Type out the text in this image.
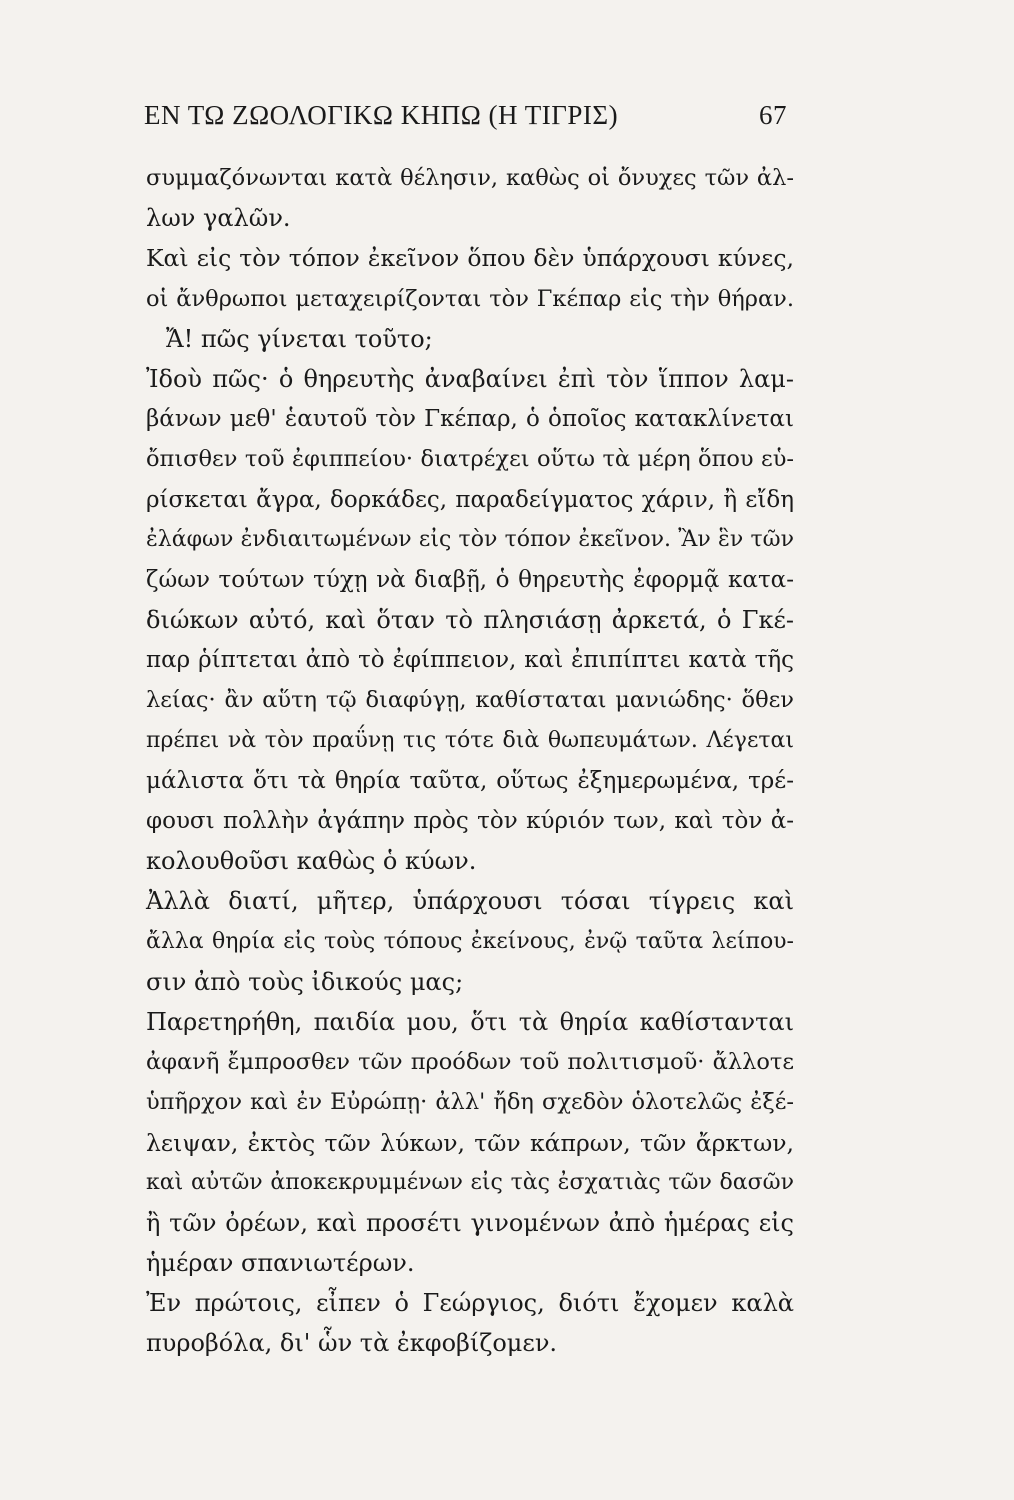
ΕΝ ΤΩ ΖΩΟΛΟΓΙΚΩ ΚΗΠΩ (Η ΤΙΓΡΙΣ)	67
συμμαζόνωνται κατὰ θέλησιν, καθὼς οἱ ὄνυχες τῶν ἀλ-
λων γαλῶν.
Καὶ εἰς τὸν τόπον ἐκεῖνον ὅπου δὲν ὑπάρχουσι κύνες,
οἱ ἄνθρωποι μεταχειρίζονται τὸν Γκέπαρ εἰς τὴν θήραν.
Ἄ! πῶς γίνεται τοῦτο;
Ἰδοὺ πῶς· ὁ θηρευτὴς ἀναβαίνει ἐπὶ τὸν ἵππον λαμ-
βάνων μεθ' ἑαυτοῦ τὸν Γκέπαρ, ὁ ὁποῖος κατακλίνεται
ὄπισθεν τοῦ ἐφιππείου· διατρέχει οὕτω τὰ μέρη ὅπου εὑ-
ρίσκεται ἄγρα, δορκάδες, παραδείγματος χάριν, ἢ εἴδη
ἐλάφων ἐνδιαιτωμένων εἰς τὸν τόπον ἐκεῖνον. Ἂν ἓν τῶν
ζώων τούτων τύχῃ νὰ διαβῇ, ὁ θηρευτὴς ἐφορμᾷ κατα-
διώκων αὐτό, καὶ ὅταν τὸ πλησιάσῃ ἀρκετά, ὁ Γκέ-
παρ ῥίπτεται ἀπὸ τὸ ἐφίππειον, καὶ ἐπιπίπτει κατὰ τῆς
λείας· ἂν αὕτη τῷ διαφύγῃ, καθίσταται μανιώδης· ὅθεν
πρέπει νὰ τὸν πραΰνῃ τις τότε διὰ θωπευμάτων. Λέγεται
μάλιστα ὅτι τὰ θηρία ταῦτα, οὕτως ἐξημερωμένα, τρέ-
φουσι πολλὴν ἀγάπην πρὸς τὸν κύριόν των, καὶ τὸν ἀ-
κολουθοῦσι καθὼς ὁ κύων.
Ἀλλὰ διατί, μῆτερ, ὑπάρχουσι τόσαι τίγρεις καὶ
ἄλλα θηρία εἰς τοὺς τόπους ἐκείνους, ἐνῷ ταῦτα λείπου-
σιν ἀπὸ τοὺς ἰδικούς μας;
Παρετηρήθη, παιδία μου, ὅτι τὰ θηρία καθίστανται
ἀφανῆ ἔμπροσθεν τῶν προόδων τοῦ πολιτισμοῦ· ἄλλοτε
ὑπῆρχον καὶ ἐν Εὐρώπῃ· ἀλλ' ἤδη σχεδὸν ὁλοτελῶς ἐξέ-
λειψαν, ἐκτὸς τῶν λύκων, τῶν κάπρων, τῶν ἄρκτων,
καὶ αὐτῶν ἀποκεκρυμμένων εἰς τὰς ἐσχατιὰς τῶν δασῶν
ἢ τῶν ὀρέων, καὶ προσέτι γινομένων ἀπὸ ἡμέρας εἰς
ἡμέραν σπανιωτέρων.
Ἐν πρώτοις, εἶπεν ὁ Γεώργιος, διότι ἔχομεν καλὰ
πυροβόλα, δι' ὧν τὰ ἐκφοβίζομεν.
